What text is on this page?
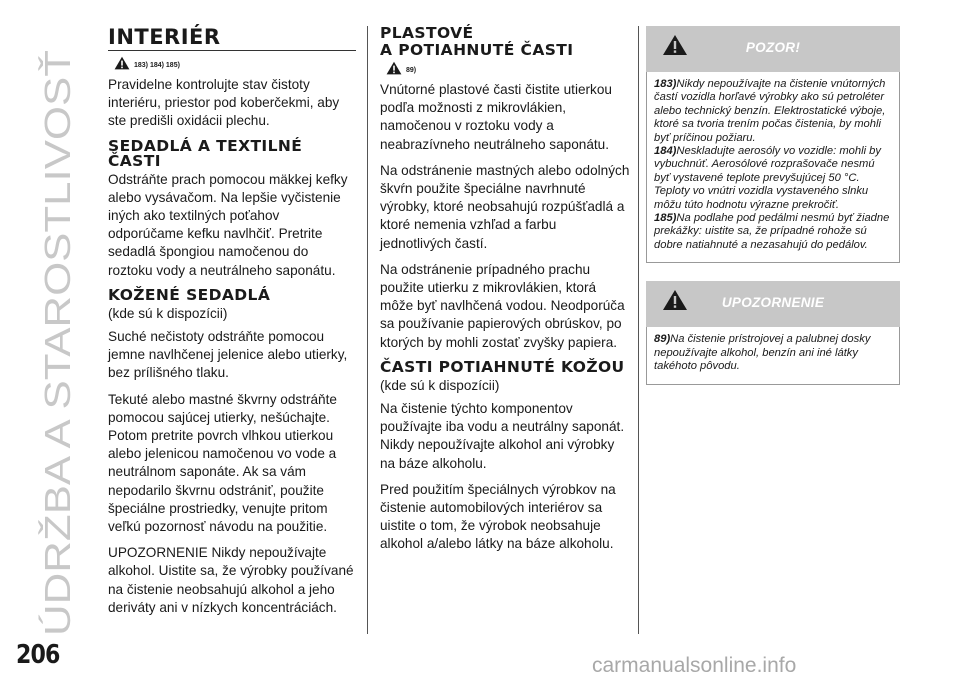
ÚDRŽBA A STAROSTLIVOSŤ
206	carmanualsonline.info
INTERIÉR
183) 184) 185)

Pravidelne kontrolujte stav čistoty interiéru, priestor pod koberčekmi, aby ste predišli oxidácii plechu.

SEDADLÁ A TEXTILNÉ ČASTI

Odstráňte prach pomocou mäkkej kefky alebo vysávačom. Na lepšie vyčistenie iných ako textilných poťahov odporúčame kefku navlhčiť. Pretrite sedadlá špongiou namočenou do roztoku vody a neutrálneho saponátu.

KOŽENÉ SEDADLÁ

(kde sú k dispozícii)

Suché nečistoty odstráňte pomocou jemne navlhčenej jelenice alebo utierky, bez prílišného tlaku.

Tekuté alebo mastné škvrny odstráňte pomocou sajúcej utierky, nešúchajte. Potom pretrite povrch vlhkou utierkou alebo jelenicou namočenou vo vode a neutrálnom saponáte. Ak sa vám nepodarilo škvrnu odstrániť, použite špeciálne prostriedky, venujte pritom veľkú pozornosť návodu na použitie.

UPOZORNENIE Nikdy nepoužívajte alkohol. Uistite sa, že výrobky používané na čistenie neobsahujú alkohol a jeho deriváty ani v nízkych koncentráciách.

PLASTOVÉ
A POTIAHNUTÉ ČASTI
89)

Vnútorné plastové časti čistite utierkou podľa možnosti z mikrovlákien, namočenou v roztoku vody a neabrazívneho neutrálneho saponátu.

Na odstránenie mastných alebo odolných škvŕn použite špeciálne navrhnuté výrobky, ktoré neobsahujú rozpúšťadlá a ktoré nemenia vzhľad a farbu jednotlivých častí.

Na odstránenie prípadného prachu použite utierku z mikrovlákien, ktorá môže byť navlhčená vodou. Neodporúča sa používanie papierových obrúskov, po ktorých by mohli zostať zvyšky papiera.

ČASTI POTIAHNUTÉ KOŽOU

(kde sú k dispozícii)

Na čistenie týchto komponentov používajte iba vodu a neutrálny saponát. Nikdy nepoužívajte alkohol ani výrobky na báze alkoholu.

Pred použitím špeciálnych výrobkov na čistenie automobilových interiérov sa uistite o tom, že výrobok neobsahuje alkohol a/alebo látky na báze alkoholu.

POZOR!

183)Nikdy nepoužívajte na čistenie vnútorných častí vozidla horľavé výrobky ako sú petroléter alebo technický benzín. Elektrostatické výboje, ktoré sa tvoria trením počas čistenia, by mohli byť príčinou požiaru.

184)Neskladujte aerosóly vo vozidle: mohli by vybuchnúť. Aerosólové rozprašovače nesmú byť vystavené teplote prevyšujúcej 50 °C. Teploty vo vnútri vozidla vystaveného slnku môžu túto hodnotu výrazne prekročiť.

185)Na podlahe pod pedálmi nesmú byť žiadne prekážky: uistite sa, že prípadné rohože sú dobre natiahnuté a nezasahujú do pedálov.

UPOZORNENIE

89)Na čistenie prístrojovej a palubnej dosky nepoužívajte alkohol, benzín ani iné látky takéhoto pôvodu.
